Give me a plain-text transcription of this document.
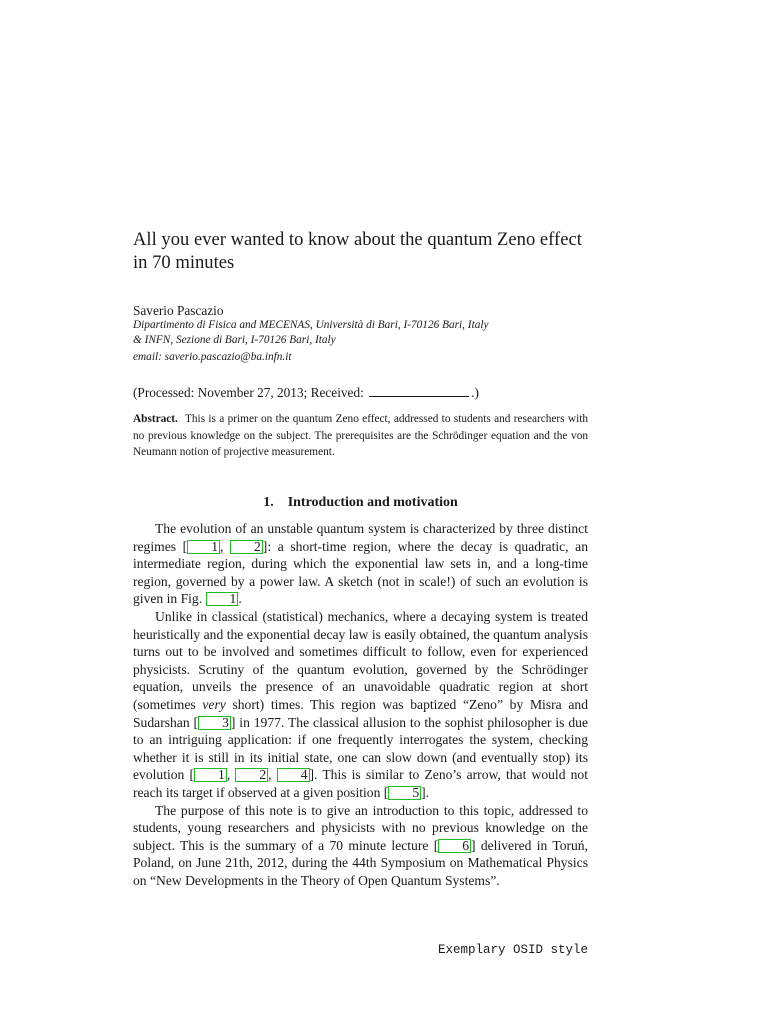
All you ever wanted to know about the quantum Zeno effect in 70 minutes
Saverio Pascazio
Dipartimento di Fisica and MECENAS, Università di Bari, I-70126 Bari, Italy
& INFN, Sezione di Bari, I-70126 Bari, Italy
email: saverio.pascazio@ba.infn.it
(Processed: November 27, 2013; Received:	.)

Abstract. This is a primer on the quantum Zeno effect, addressed to students and researchers with no previous knowledge on the subject. The prerequisites are the Schrödinger equation and the von Neumann notion of projective measurement.

1. Introduction and motivation

The evolution of an unstable quantum system is characterized by three distinct regimes [ 1 , 2 ]: a short-time region, where the decay is quadratic, an intermediate region, during which the exponential law sets in, and a long-time region, governed by a power law. A sketch (not in scale!) of such an evolution is given in Fig. 1 .

Unlike in classical (statistical) mechanics, where a decaying system is treated heuristically and the exponential decay law is easily obtained, the quantum analysis turns out to be involved and sometimes difficult to follow, even for experienced physicists. Scrutiny of the quantum evolution, governed by the Schrödinger equation, unveils the presence of an unavoidable quadratic region at short (sometimes very short) times. This region was baptized “Zeno” by Misra and Sudarshan [ 3 ] in 1977. The classical allusion to the sophist philosopher is due to an intriguing application: if one frequently interrogates the system, checking whether it is still in its initial state, one can slow down (and eventually stop) its evolution [ 1 , 2 , 4 ]. This is similar to Zeno’s arrow, that would not reach its target if observed at a given position [ 5 ].

The purpose of this note is to give an introduction to this topic, addressed to students, young researchers and physicists with no previous knowledge on the subject. This is the summary of a 70 minute lecture [ 6 ] delivered in Toruń, Poland, on June 21th, 2012, during the 44th Symposium on Mathematical Physics on “New Developments in the Theory of Open Quantum Systems”.

Exemplary OSID style
